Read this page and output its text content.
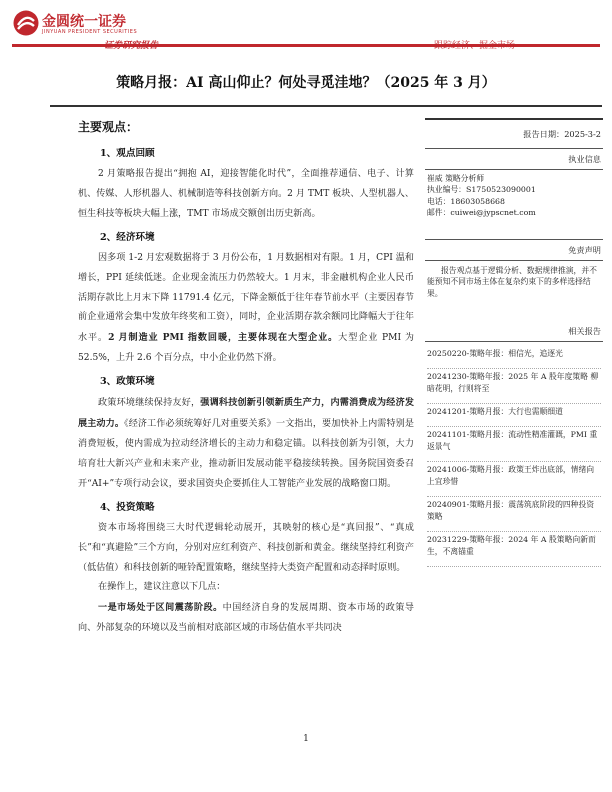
金圆统一证券
JINYUAN PRESIDENT SECURITIES
策略月报：AI 高山仰止？何处寻觅洼地？（2025 年 3 月）
主要观点：
1、观点回顾

2 月策略报告提出“拥抱 AI，迎接智能化时代”，全面推荐通信、电子、计算机、传媒、人形机器人、机械制造等科技创新方向。2 月 TMT 板块、人型机器人、恒生科技等板块大幅上涨，TMT 市场成交额创出历史新高。

2、经济环境

因多项 1-2 月宏观数据将于 3 月份公布，1 月数据相对有限。1 月，CPI 温和增长，PPI 延续低迷。企业现金流压力仍然较大。1 月末，非金融机构企业人民币活期存款比上月末下降 11791.4 亿元，下降金额低于往年春节前水平（主要因春节前企业通常会集中发放年终奖和工资），同时，企业活期存款余额同比降幅大于往年水平。2 月制造业 PMI 指数回暖，主要体现在大型企业。大型企业 PMI 为 52.5%，上升 2.6 个百分点，中小企业仍然下滑。

3、政策环境

政策环境继续保持友好，强调科技创新引领新质生产力，内需消费成为经济发展主动力。《经济工作必须统筹好几对重要关系》一文指出，要加快补上内需特别是消费短板，使内需成为拉动经济增长的主动力和稳定锚。以科技创新为引领，大力培育壮大新兴产业和未来产业，推动新旧发展动能平稳接续转换。国务院国资委召开“AI+”专项行动会议，要求国资央企要抓住人工智能产业发展的战略窗口期。

4、投资策略

资本市场将围绕三大时代逻辑轮动展开，其映射的核心是“真回报”、“真成长”和“真避险”三个方向，分别对应红利资产、科技创新和黄金。继续坚持红利资产（低估值）和科技创新的哑铃配置策略，继续坚持大类资产配置和动态择时原则。

在操作上，建议注意以下几点：

一是市场处于区间震荡阶段。中国经济自身的发展周期、资本市场的政策导向、外部复杂的环境以及当前相对底部区域的市场估值水平共同决

报告日期：2025-3-2
执业信息
崔威 策略分析师
执业编号：S1750523090001
电话：18603058668
邮件：cuiwei@jypscnet.com
免责声明
报告观点基于逻辑分析、数据规律推演，并不能预知不同市场主体在复杂约束下的多样选择结果。
相关报告
20250220-策略年报：相信光，追逐光
20241230-策略年报：2025 年 A 股年度策略 柳暗花明，行则将至
20241201-策略月报：大行也需顺细道
20241101-策略月报：流动性精准灌溉，PMI 重返景气
20241006-策略月报：政策王炸出底部，情绪向上宜珍惜
20240901-策略月报：震荡筑底阶段的四种投资策略
20231229-策略年报：2024 年 A 股策略向新而生，不离锚重
1
